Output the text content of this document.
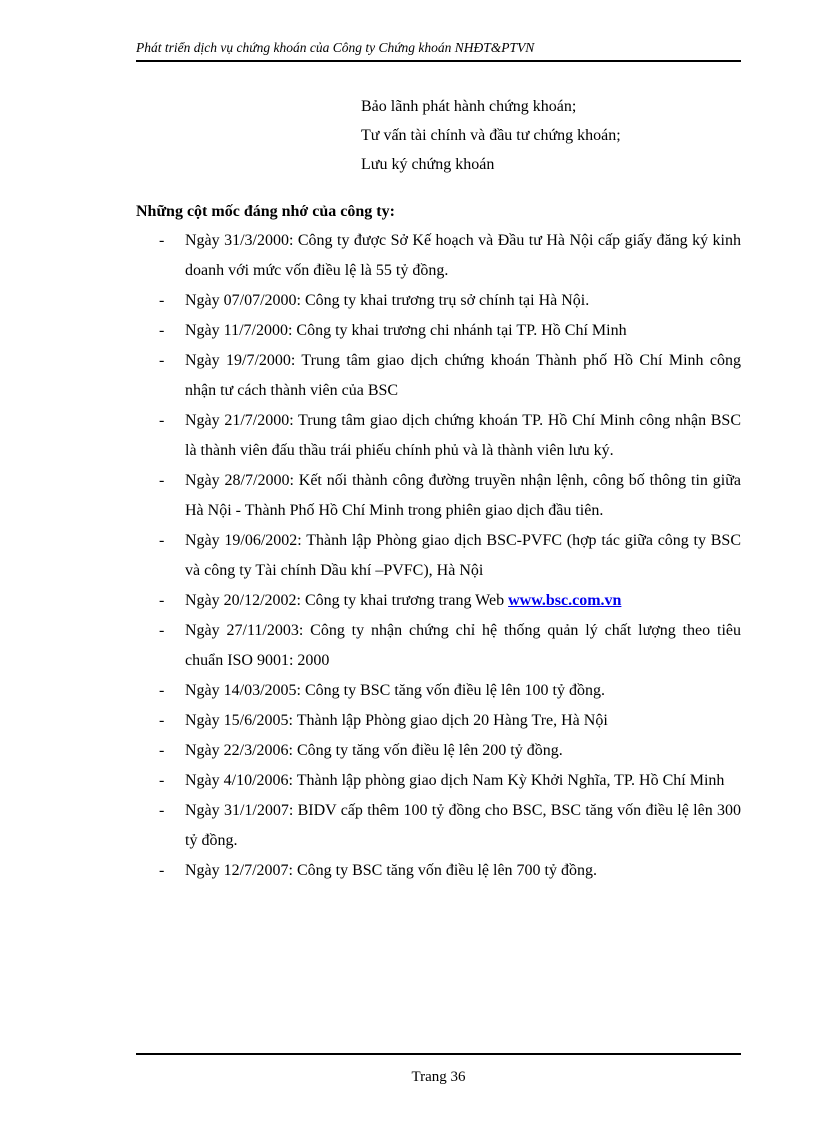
Phát triển dịch vụ chứng khoán của Công ty Chứng khoán NHĐT&PTVN
Bảo lãnh phát hành chứng khoán;
Tư vấn tài chính và đầu tư chứng khoán;
Lưu ký chứng khoán
Những cột mốc đáng nhớ của công ty:
- Ngày 31/3/2000: Công ty được Sở Kế hoạch và Đầu tư Hà Nội cấp giấy đăng ký kinh doanh với mức vốn điều lệ là 55 tỷ đồng.
- Ngày 07/07/2000: Công ty khai trương trụ sở chính tại Hà Nội.
- Ngày 11/7/2000: Công ty khai trương chi nhánh tại TP. Hồ Chí Minh
- Ngày 19/7/2000: Trung tâm giao dịch chứng khoán Thành phố Hồ Chí Minh công nhận tư cách thành viên của BSC
- Ngày 21/7/2000: Trung tâm giao dịch chứng khoán TP. Hồ Chí Minh công nhận BSC là thành viên đấu thầu trái phiếu chính phủ và là thành viên lưu ký.
- Ngày 28/7/2000: Kết nối thành công đường truyền nhận lệnh, công bố thông tin giữa Hà Nội - Thành Phố Hồ Chí Minh trong phiên giao dịch đầu tiên.
- Ngày 19/06/2002: Thành lập Phòng giao dịch BSC-PVFC (hợp tác giữa công ty BSC và công ty Tài chính Dầu khí –PVFC), Hà Nội
- Ngày 20/12/2002: Công ty khai trương trang Web www.bsc.com.vn
- Ngày 27/11/2003: Công ty nhận chứng chỉ hệ thống quản lý chất lượng theo tiêu chuẩn ISO 9001: 2000
- Ngày 14/03/2005: Công ty BSC tăng vốn điều lệ lên 100 tỷ đồng.
- Ngày 15/6/2005: Thành lập Phòng giao dịch 20 Hàng Tre, Hà Nội
- Ngày 22/3/2006: Công ty tăng vốn điều lệ lên 200 tỷ đồng.
- Ngày 4/10/2006: Thành lập phòng giao dịch Nam Kỳ Khởi Nghĩa, TP. Hồ Chí Minh
- Ngày 31/1/2007: BIDV cấp thêm 100 tỷ đồng cho BSC, BSC tăng vốn điều lệ lên 300 tỷ đồng.
- Ngày 12/7/2007: Công ty BSC tăng vốn điều lệ lên 700 tỷ đồng.
Trang 36
